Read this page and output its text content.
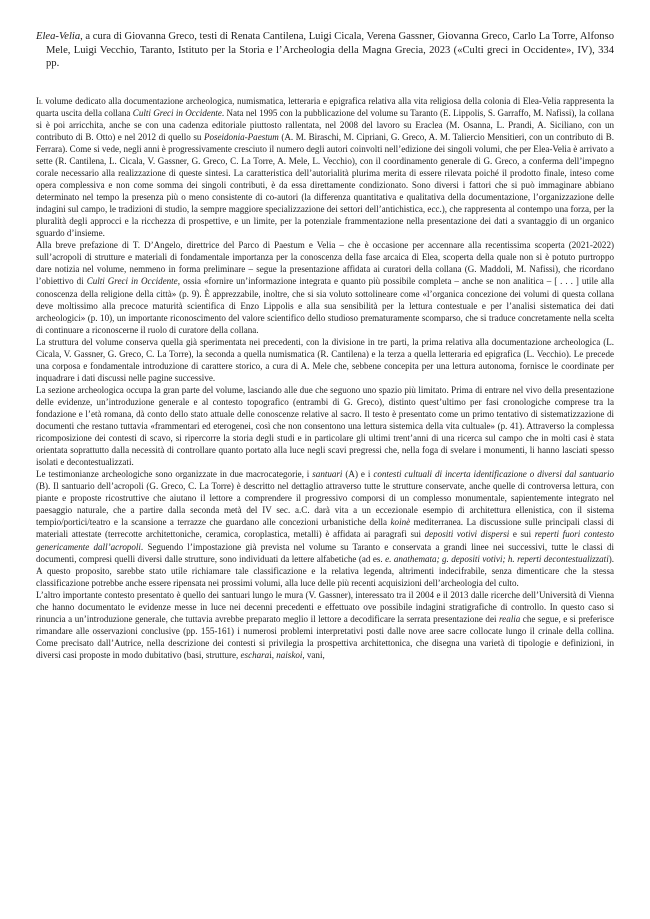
Elea-Velia, a cura di Giovanna Greco, testi di Renata Cantilena, Luigi Cicala, Verena Gassner, Giovanna Greco, Carlo La Torre, Alfonso Mele, Luigi Vecchio, Taranto, Istituto per la Storia e l’Archeologia della Magna Grecia, 2023 («Culti greci in Occidente», IV), 334 pp.

Il volume dedicato alla documentazione archeologica, numismatica, letteraria e epigrafica relativa alla vita religiosa della colonia di Elea-Velia rappresenta la quarta uscita della collana Culti Greci in Occidente. Nata nel 1995 con la pubblicazione del volume su Taranto (E. Lippolis, S. Garraffo, M. Nafissi), la collana si è poi arricchita, anche se con una cadenza editoriale piuttosto rallentata, nel 2008 del lavoro su Eraclea (M. Osanna, L. Prandi, A. Siciliano, con un contributo di B. Otto) e nel 2012 di quello su Poseidonia-Paestum (A. M. Biraschi, M. Cipriani, G. Greco, A. M. Taliercio Mensitieri, con un contributo di B. Ferrara). Come si vede, negli anni è progressivamente cresciuto il numero degli autori coinvolti nell’edizione dei singoli volumi, che per Elea-Velia è arrivato a sette (R. Cantilena, L. Cicala, V. Gassner, G. Greco, C. La Torre, A. Mele, L. Vecchio), con il coordinamento generale di G. Greco, a conferma dell’impegno corale necessario alla realizzazione di queste sintesi. La caratteristica dell’autorialità plurima merita di essere rilevata poiché il prodotto finale, inteso come opera complessiva e non come somma dei singoli contributi, è da essa direttamente condizionato. Sono diversi i fattori che si può immaginare abbiano determinato nel tempo la presenza più o meno consistente di co-autori (la differenza quantitativa e qualitativa della documentazione, l’organizzazione delle indagini sul campo, le tradizioni di studio, la sempre maggiore specializzazione dei settori dell’antichistica, ecc.), che rappresenta al contempo una forza, per la pluralità degli approcci e la ricchezza di prospettive, e un limite, per la potenziale frammentazione nella presentazione dei dati a svantaggio di un organico sguardo d’insieme.

Alla breve prefazione di T. D’Angelo, direttrice del Parco di Paestum e Velia – che è occasione per accennare alla recentissima scoperta (2021-2022) sull’acropoli di strutture e materiali di fondamentale importanza per la conoscenza della fase arcaica di Elea, scoperta della quale non si è potuto purtroppo dare notizia nel volume, nemmeno in forma preliminare – segue la presentazione affidata ai curatori della collana (G. Maddoli, M. Nafissi), che ricordano l’obiettivo di Culti Greci in Occidente, ossia «fornire un’informazione integrata e quanto più possibile completa – anche se non analitica – [ . . . ] utile alla conoscenza della religione della città» (p. 9). È apprezzabile, inoltre, che si sia voluto sottolineare come «l’organica concezione dei volumi di questa collana deve moltissimo alla precoce maturità scientifica di Enzo Lippolis e alla sua sensibilità per la lettura contestuale e per l’analisi sistematica dei dati archeologici» (p. 10), un importante riconoscimento del valore scientifico dello studioso prematuramente scomparso, che si traduce concretamente nella scelta di continuare a riconoscerne il ruolo di curatore della collana.

La struttura del volume conserva quella già sperimentata nei precedenti, con la divisione in tre parti, la prima relativa alla documentazione archeologica (L. Cicala, V. Gassner, G. Greco, C. La Torre), la seconda a quella numismatica (R. Cantilena) e la terza a quella letteraria ed epigrafica (L. Vecchio). Le precede una corposa e fondamentale introduzione di carattere storico, a cura di A. Mele che, sebbene concepita per una lettura autonoma, fornisce le coordinate per inquadrare i dati discussi nelle pagine successive.

La sezione archeologica occupa la gran parte del volume, lasciando alle due che seguono uno spazio più limitato. Prima di entrare nel vivo della presentazione delle evidenze, un’introduzione generale e al contesto topografico (entrambi di G. Greco), distinto quest’ultimo per fasi cronologiche comprese tra la fondazione e l’età romana, dà conto dello stato attuale delle conoscenze relative al sacro. Il testo è presentato come un primo tentativo di sistematizzazione di documenti che restano tuttavia «frammentari ed eterogenei, così che non consentono una lettura sistemica della vita cultuale» (p. 41). Attraverso la complessa ricomposizione dei contesti di scavo, si ripercorre la storia degli studi e in particolare gli ultimi trent’anni di una ricerca sul campo che in molti casi è stata orientata soprattutto dalla necessità di controllare quanto portato alla luce negli scavi pregressi che, nella foga di svelare i monumenti, li hanno lasciati spesso isolati e decontestualizzati.

Le testimonianze archeologiche sono organizzate in due macrocategorie, i santuari (A) e i contesti cultuali di incerta identificazione o diversi dal santuario (B). Il santuario dell’acropoli (G. Greco, C. La Torre) è descritto nel dettaglio attraverso tutte le strutture conservate, anche quelle di controversa lettura, con piante e proposte ricostruttive che aiutano il lettore a comprendere il progressivo comporsi di un complesso monumentale, sapientemente integrato nel paesaggio naturale, che a partire dalla seconda metà del IV sec. a.C. darà vita a un eccezionale esempio di architettura ellenistica, con il sistema tempio/portici/teatro e la scansione a terrazze che guardano alle concezioni urbanistiche della koinè mediterranea. La discussione sulle principali classi di materiali attestate (terrecotte architettoniche, ceramica, coroplastica, metalli) è affidata ai paragrafi sui depositi votivi dispersi e sui reperti fuori contesto genericamente dall’acropoli. Seguendo l’impostazione già prevista nel volume su Taranto e conservata a grandi linee nei successivi, tutte le classi di documenti, compresi quelli diversi dalle strutture, sono individuati da lettere alfabetiche (ad es. e. anathemata; g. depositi votivi; h. reperti decontestualizzati). A questo proposito, sarebbe stato utile richiamare tale classificazione e la relativa legenda, altrimenti indecifrabile, senza dimenticare che la stessa classificazione potrebbe anche essere ripensata nei prossimi volumi, alla luce delle più recenti acquisizioni dell’archeologia del culto.

L’altro importante contesto presentato è quello dei santuari lungo le mura (V. Gassner), interessato tra il 2004 e il 2013 dalle ricerche dell’Università di Vienna che hanno documentato le evidenze messe in luce nei decenni precedenti e effettuato ove possibile indagini stratigrafiche di controllo. In questo caso si rinuncia a un’introduzione generale, che tuttavia avrebbe preparato meglio il lettore a decodificare la serrata presentazione dei realia che segue, e si preferisce rimandare alle osservazioni conclusive (pp. 155-161) i numerosi problemi interpretativi posti dalle nove aree sacre collocate lungo il crinale della collina. Come precisato dall’Autrice, nella descrizione dei contesti si privilegia la prospettiva architettonica, che disegna una varietà di tipologie e definizioni, in diversi casi proposte in modo dubitativo (basi, strutture, escharai, naiskoi, vani,
